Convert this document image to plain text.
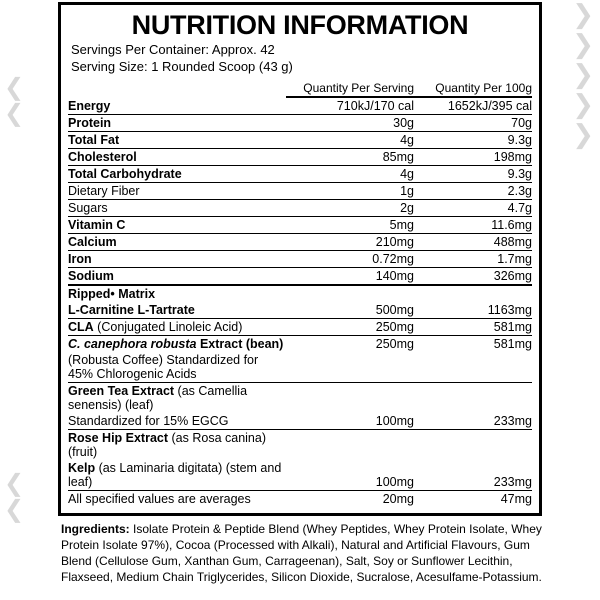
❯
❯
❯
❯
❯
❮
❮
❮
❮
NUTRITION INFORMATION
Servings Per Container: Approx. 42
Serving Size: 1 Rounded Scoop (43 g)
	Quantity Per Serving	Quantity Per 100g
Energy	710kJ/170 cal	1652kJ/395 cal
Protein	30g	70g
Total Fat	4g	9.3g
Cholesterol	85mg	198mg
Total Carbohydrate	4g	9.3g
Dietary Fiber	1g	2.3g
Sugars	2g	4.7g
Vitamin C	5mg	11.6mg
Calcium	210mg	488mg
Iron	0.72mg	1.7mg
Sodium	140mg	326mg
Ripped• Matrix		
L-Carnitine L-Tartrate	500mg	1163mg
CLA (Conjugated Linoleic Acid)	250mg	581mg
C. canephora robusta Extract (bean)	250mg	581mg
(Robusta Coffee) Standardized for 45% Chlorogenic Acids		
Green Tea Extract (as Camellia senensis) (leaf)		
Standardized for 15% EGCG	100mg	233mg
Rose Hip Extract (as Rosa canina) (fruit)		
Kelp (as Laminaria digitata) (stem and leaf)	100mg	233mg
All specified values are averages	20mg	47mg
Ingredients: Isolate Protein & Peptide Blend (Whey Peptides, Whey Protein Isolate, Whey Protein Isolate 97%), Cocoa (Processed with Alkali), Natural and Artificial Flavours, Gum Blend (Cellulose Gum, Xanthan Gum, Carrageenan), Salt, Soy or Sunflower Lecithin, Flaxseed, Medium Chain Triglycerides, Silicon Dioxide, Sucralose, Acesulfame-Potassium.
